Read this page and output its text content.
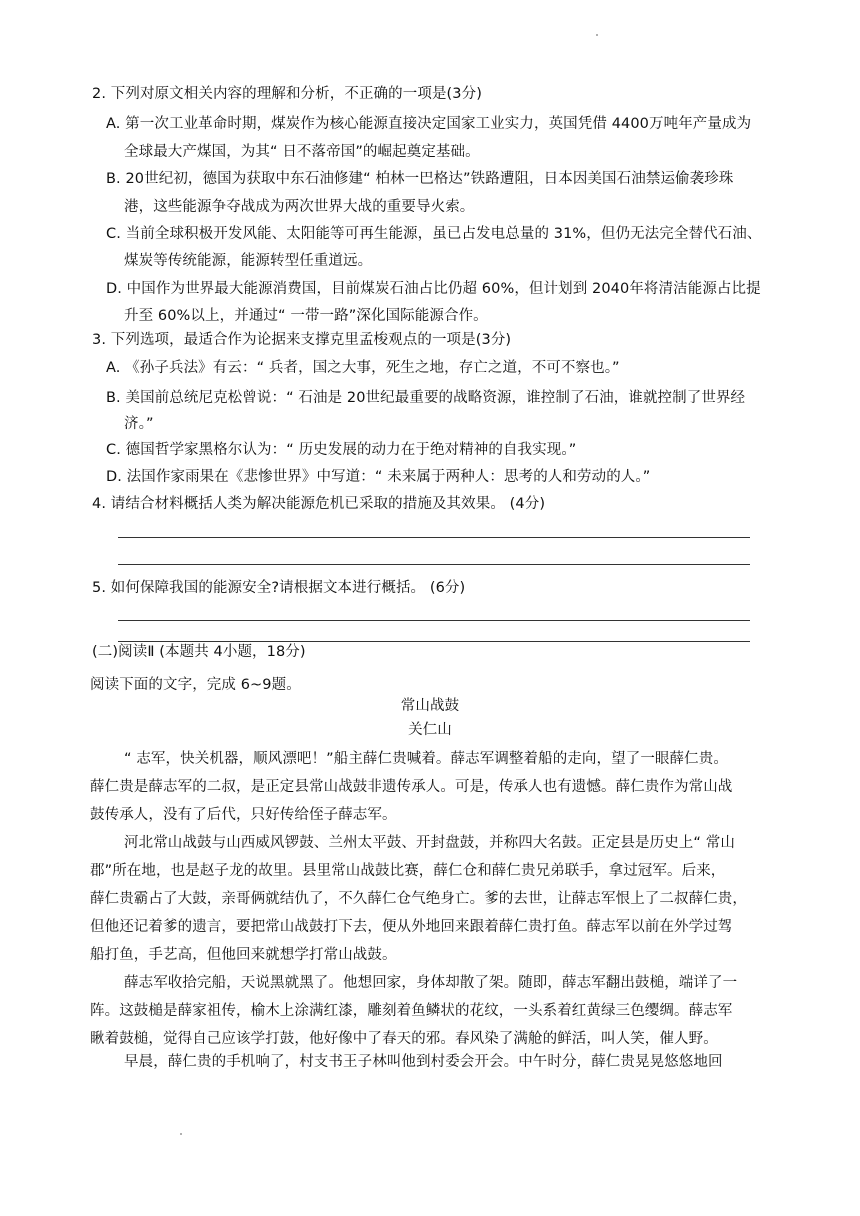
2. 下列对原文相关内容的理解和分析，不正确的一项是(3分)
A. 第一次工业革命时期，煤炭作为核心能源直接决定国家工业实力，英国凭借 4400万吨年产量成为
全球最大产煤国，为其“ 日不落帝国”的崛起奠定基础。
B. 20世纪初，德国为获取中东石油修建“ 柏林一巴格达”铁路遭阻，日本因美国石油禁运偷袭珍珠
港，这些能源争夺战成为两次世界大战的重要导火索。
C. 当前全球积极开发风能、太阳能等可再生能源，虽已占发电总量的 31%，但仍无法完全替代石油、
煤炭等传统能源，能源转型任重道远。
D. 中国作为世界最大能源消费国，目前煤炭石油占比仍超 60%，但计划到 2040年将清洁能源占比提
升至 60%以上，并通过“ 一带一路”深化国际能源合作。
3. 下列选项，最适合作为论据来支撑克里孟梭观点的一项是(3分)
A. 《孙子兵法》有云：“ 兵者，国之大事，死生之地，存亡之道，不可不察也。”
B. 美国前总统尼克松曾说：“ 石油是 20世纪最重要的战略资源，谁控制了石油，谁就控制了世界经
济。”
C. 德国哲学家黑格尔认为：“ 历史发展的动力在于绝对精神的自我实现。”
D. 法国作家雨果在《悲惨世界》中写道：“ 未来属于两种人：思考的人和劳动的人。”
4. 请结合材料概括人类为解决能源危机已采取的措施及其效果。 (4分)
5. 如何保障我国的能源安全?请根据文本进行概括。 (6分)
(二)阅读Ⅱ (本题共 4小题，18分)
阅读下面的文字，完成 6~9题。
常山战鼓
关仁山
“ 志军，快关机器，顺风漂吧！”船主薛仁贵喊着。薛志军调整着船的走向，望了一眼薛仁贵。
薛仁贵是薛志军的二叔，是正定县常山战鼓非遗传承人。可是，传承人也有遗憾。薛仁贵作为常山战
鼓传承人，没有了后代，只好传给侄子薛志军。
河北常山战鼓与山西威风锣鼓、兰州太平鼓、开封盘鼓，并称四大名鼓。正定县是历史上“ 常山
郡”所在地，也是赵子龙的故里。县里常山战鼓比赛，薛仁仓和薛仁贵兄弟联手，拿过冠军。后来，
薛仁贵霸占了大鼓，亲哥俩就结仇了，不久薛仁仓气绝身亡。爹的去世，让薛志军恨上了二叔薛仁贵，
但他还记着爹的遗言，要把常山战鼓打下去，便从外地回来跟着薛仁贵打鱼。薛志军以前在外学过驾
船打鱼，手艺高，但他回来就想学打常山战鼓。
薛志军收拾完船，天说黑就黑了。他想回家，身体却散了架。随即，薛志军翻出鼓槌，端详了一
阵。这鼓槌是薛家祖传，榆木上涂满红漆，雕刻着鱼鳞状的花纹，一头系着红黄绿三色缨绸。薛志军
瞅着鼓槌，觉得自己应该学打鼓，他好像中了春天的邪。春风染了满舱的鲜活，叫人笑，催人野。
早晨，薛仁贵的手机响了，村支书王子林叫他到村委会开会。中午时分，薛仁贵晃晃悠悠地回
